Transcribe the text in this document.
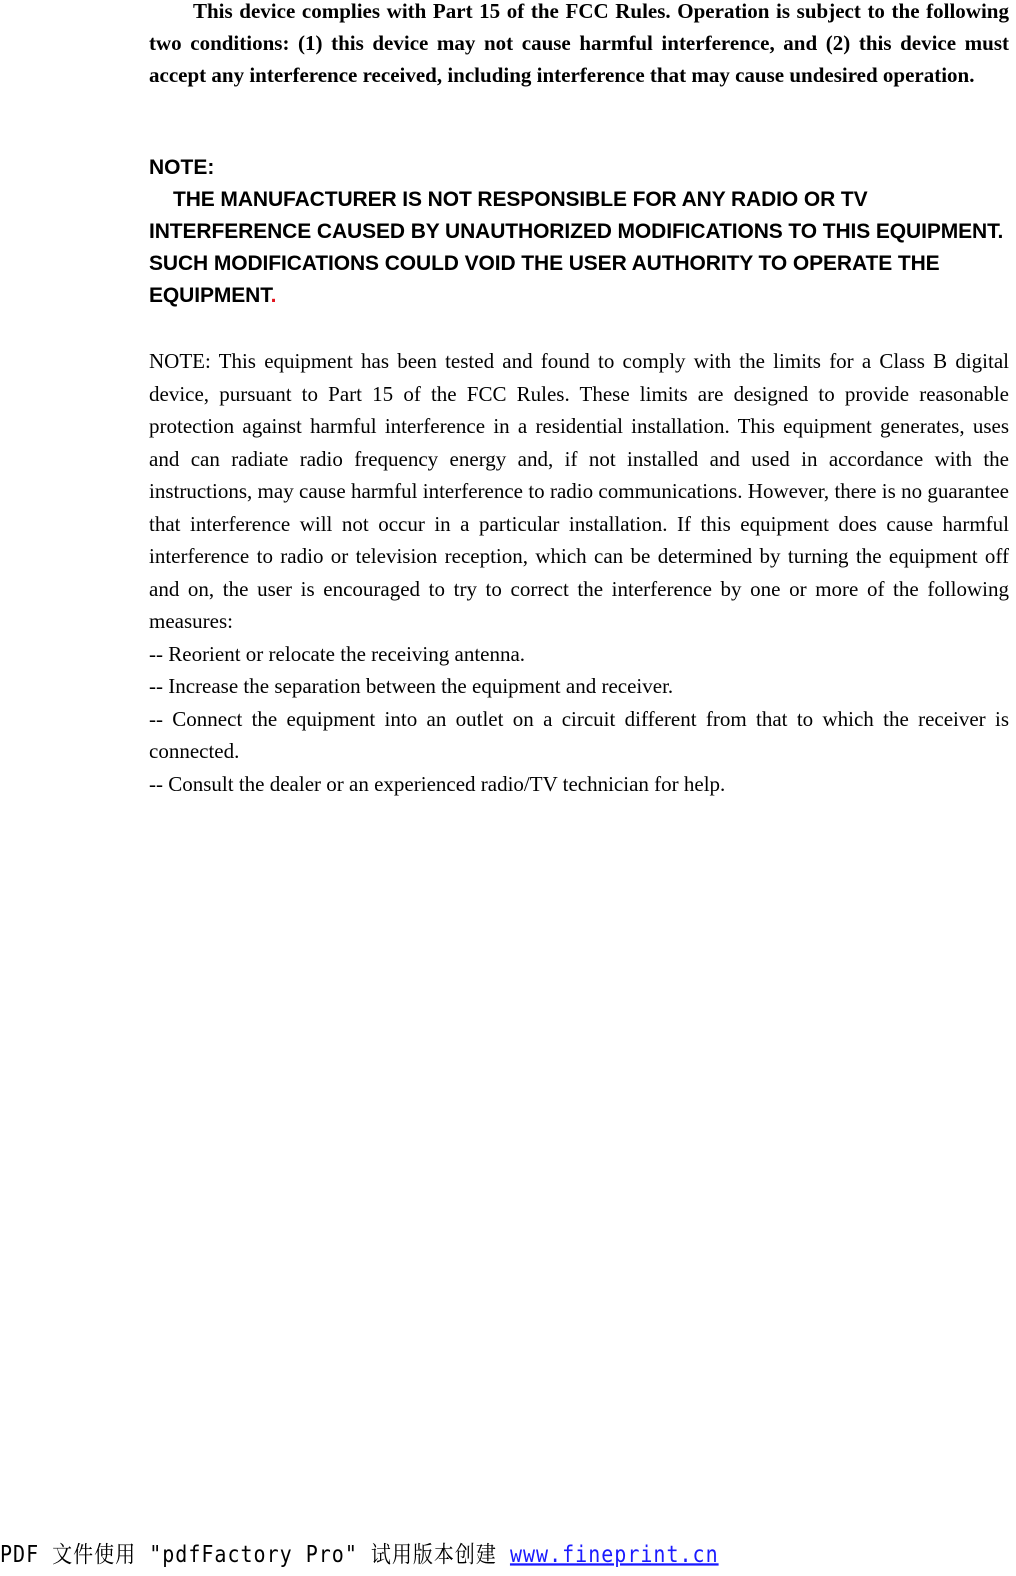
This device complies with Part 15 of the FCC Rules. Operation is subject to the following two conditions: (1) this device may not cause harmful interference, and (2) this device must accept any interference received, including interference that may cause undesired operation.

NOTE:
THE MANUFACTURER IS NOT RESPONSIBLE FOR ANY RADIO OR TV INTERFERENCE CAUSED BY UNAUTHORIZED MODIFICATIONS TO THIS EQUIPMENT. SUCH MODIFICATIONS COULD VOID THE USER AUTHORITY TO OPERATE THE EQUIPMENT.

NOTE: This equipment has been tested and found to comply with the limits for a Class B digital device, pursuant to Part 15 of the FCC Rules. These limits are designed to provide reasonable protection against harmful interference in a residential installation. This equipment generates, uses and can radiate radio frequency energy and, if not installed and used in accordance with the instructions, may cause harmful interference to radio communications. However, there is no guarantee that interference will not occur in a particular installation. If this equipment does cause harmful interference to radio or television reception, which can be determined by turning the equipment off and on, the user is encouraged to try to correct the interference by one or more of the following measures:

-- Reorient or relocate the receiving antenna.
-- Increase the separation between the equipment and receiver.
-- Connect the equipment into an outlet on a circuit different from that to which the receiver is connected.
-- Consult the dealer or an experienced radio/TV technician for help.
PDF 文件使用 "pdfFactory Pro" 试用版本创建 www.fineprint.cn
